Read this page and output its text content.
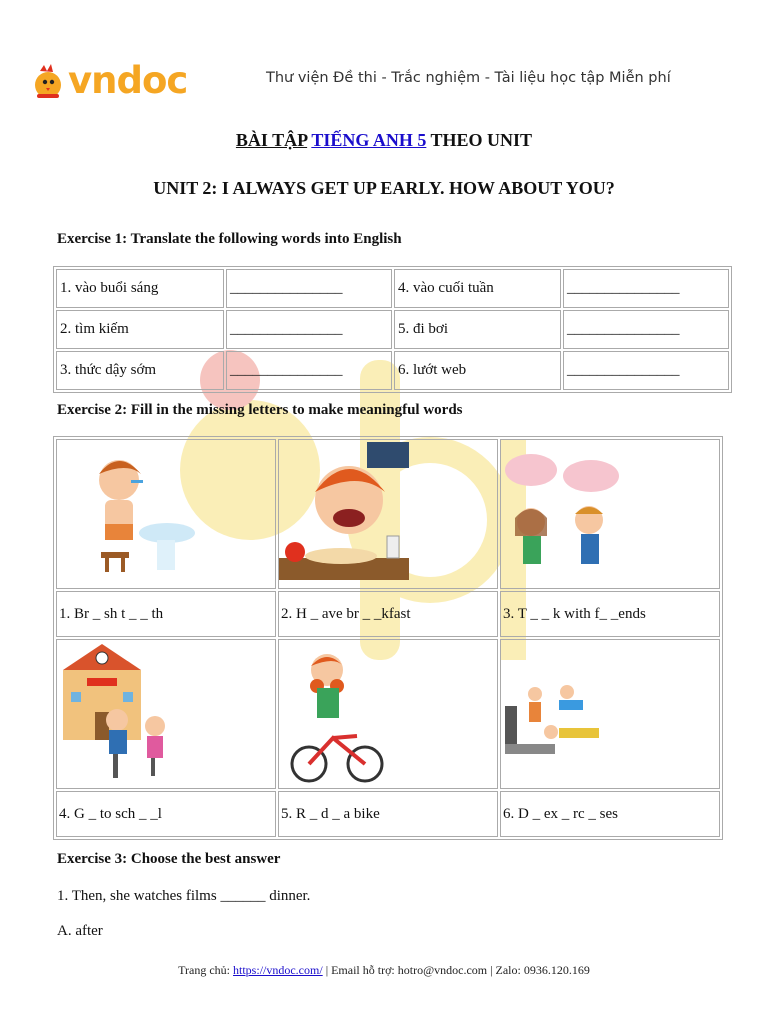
vndoc	Thư viện Đề thi - Trắc nghiệm - Tài liệu học tập Miễn phí
BÀI TẬP TIẾNG ANH 5 THEO UNIT
UNIT 2: I ALWAYS GET UP EARLY. HOW ABOUT YOU?
Exercise 1: Translate the following words into English
1. vào buổi sáng	_______________	4. vào cuối tuần	_______________
2. tìm kiếm	_______________	5. đi bơi	_______________
3. thức dậy sớm	_______________	6. lướt web	_______________
Exercise 2: Fill in the missing letters to make meaningful words

1. Br _ sh t _ _ th	2. H _ ave br _ _kfast	3. T _ _ k with f_ _ends

4. G _ to sch _ _l	5. R _ d _ a bike	6. D _ ex _ rc _ ses
Exercise 3: Choose the best answer
1. Then, she watches films ______ dinner.
A. after
Trang chủ: https://vndoc.com/ | Email hỗ trợ: hotro@vndoc.com | Zalo: 0936.120.169
